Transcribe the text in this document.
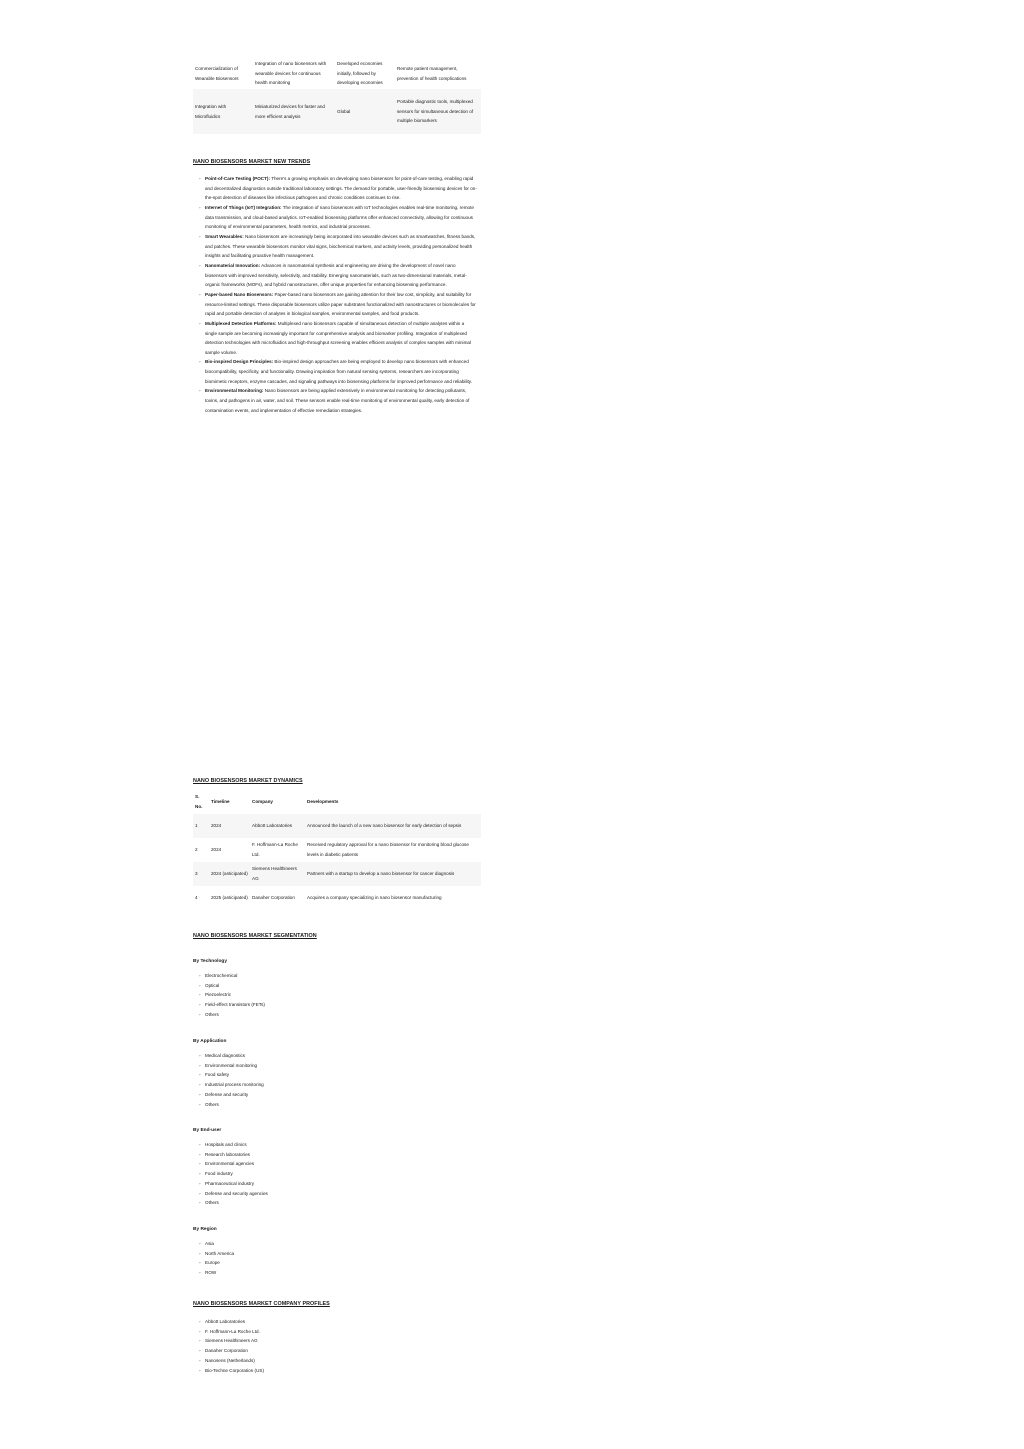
Commercialization of Wearable Biosensors	Integration of nano biosensors with wearable devices for continuous health monitoring	Developed economies initially, followed by developing economies	Remote patient management, prevention of health complications
Integration with Microfluidics	Miniaturized devices for faster and more efficient analysis	Global	Portable diagnostic tools, multiplexed sensors for simultaneous detection of multiple biomarkers
NANO BIOSENSORS MARKET NEW TRENDS
◦ Point-of-Care Testing (POCT): There's a growing emphasis on developing nano biosensors for point-of-care testing, enabling rapid and decentralized diagnostics outside traditional laboratory settings. The demand for portable, user-friendly biosensing devices for on-the-spot detection of diseases like infectious pathogens and chronic conditions continues to rise.
◦ Internet of Things (IoT) Integration: The integration of nano biosensors with IoT technologies enables real-time monitoring, remote data transmission, and cloud-based analytics. IoT-enabled biosensing platforms offer enhanced connectivity, allowing for continuous monitoring of environmental parameters, health metrics, and industrial processes.
◦ Smart Wearables: Nano biosensors are increasingly being incorporated into wearable devices such as smartwatches, fitness bands, and patches. These wearable biosensors monitor vital signs, biochemical markers, and activity levels, providing personalized health insights and facilitating proactive health management.
◦ Nanomaterial Innovation: Advances in nanomaterial synthesis and engineering are driving the development of novel nano biosensors with improved sensitivity, selectivity, and stability. Emerging nanomaterials, such as two-dimensional materials, metal-organic frameworks (MOFs), and hybrid nanostructures, offer unique properties for enhancing biosensing performance.
◦ Paper-based Nano Biosensors: Paper-based nano biosensors are gaining attention for their low cost, simplicity, and suitability for resource-limited settings. These disposable biosensors utilize paper substrates functionalized with nanostructures or biomolecules for rapid and portable detection of analytes in biological samples, environmental samples, and food products.
◦ Multiplexed Detection Platforms: Multiplexed nano biosensors capable of simultaneous detection of multiple analytes within a single sample are becoming increasingly important for comprehensive analysis and biomarker profiling. Integration of multiplexed detection technologies with microfluidics and high-throughput screening enables efficient analysis of complex samples with minimal sample volume.
◦ Bio-inspired Design Principles: Bio-inspired design approaches are being employed to develop nano biosensors with enhanced biocompatibility, specificity, and functionality. Drawing inspiration from natural sensing systems, researchers are incorporating biomimetic receptors, enzyme cascades, and signaling pathways into biosensing platforms for improved performance and reliability.
◦ Environmental Monitoring: Nano biosensors are being applied extensively in environmental monitoring for detecting pollutants, toxins, and pathogens in air, water, and soil. These sensors enable real-time monitoring of environmental quality, early detection of contamination events, and implementation of effective remediation strategies.
NANO BIOSENSORS MARKET DYNAMICS
S. No.	Timeline	Company	Developments
1	2024	Abbott Laboratories	Announced the launch of a new nano biosensor for early detection of sepsis
2	2024	F. Hoffmann-La Roche Ltd.	Received regulatory approval for a nano biosensor for monitoring blood glucose levels in diabetic patients
3	2024 (anticipated)	Siemens Healthineers AG	Partners with a startup to develop a nano biosensor for cancer diagnosis
4	2025 (anticipated)	Danaher Corporation	Acquires a company specializing in nano biosensor manufacturing
NANO BIOSENSORS MARKET SEGMENTATION
By Technology
◦ Electrochemical
◦ Optical
◦ Piezoelectric
◦ Field-effect transistors (FETs)
◦ Others
By Application
◦ Medical diagnostics
◦ Environmental monitoring
◦ Food safety
◦ Industrial process monitoring
◦ Defense and security
◦ Others
By End-user
◦ Hospitals and clinics
◦ Research laboratories
◦ Environmental agencies
◦ Food industry
◦ Pharmaceutical industry
◦ Defense and security agencies
◦ Others
By Region
◦ Asia
◦ North America
◦ Europe
◦ ROW
NANO BIOSENSORS MARKET COMPANY PROFILES
◦ Abbott Laboratories
◦ F. Hoffmann-La Roche Ltd.
◦ Siemens Healthineers AG
◦ Danaher Corporation
◦ Nanosens (Netherlands)
◦ Bio-Techne Corporation (US)
